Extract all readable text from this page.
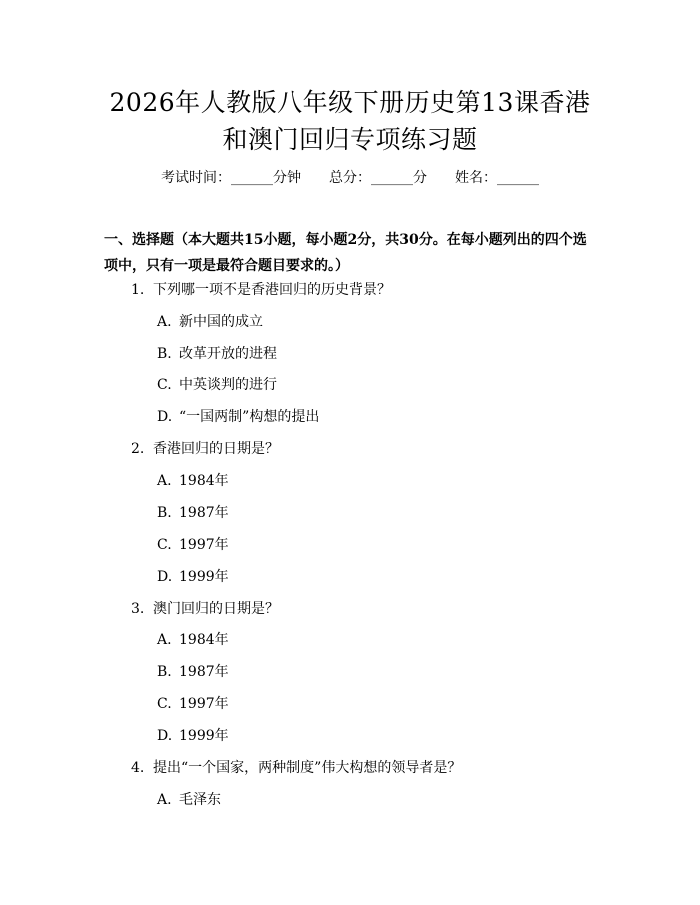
2026年人教版八年级下册历史第13课香港
和澳门回归专项练习题
考试时间：______分钟 总分：______分 姓名：______
一、选择题（本大题共15小题，每小题2分，共30分。在每小题列出的四个选
项中，只有一项是最符合题目要求的。）
1. 下列哪一项不是香港回归的历史背景？
A. 新中国的成立
B. 改革开放的进程
C. 中英谈判的进行
D. “一国两制”构想的提出
2. 香港回归的日期是？
A. 1984年
B. 1987年
C. 1997年
D. 1999年
3. 澳门回归的日期是？
A. 1984年
B. 1987年
C. 1997年
D. 1999年
4. 提出“一个国家，两种制度”伟大构想的领导者是？
A. 毛泽东
